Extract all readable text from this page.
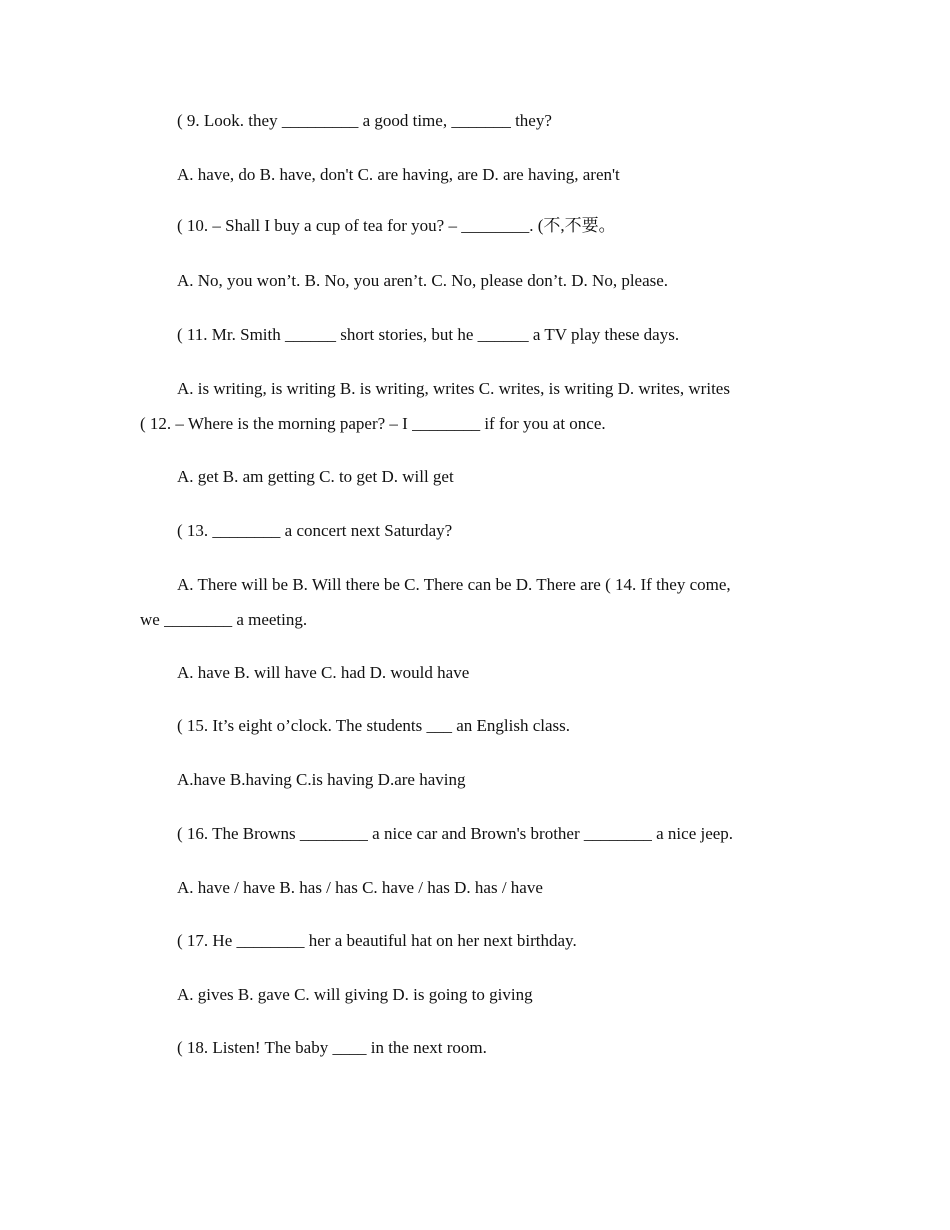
( 9. Look. they _________ a good time, _______ they?
A. have, do B. have, don't C. are having, are D. are having, aren't
( 10. – Shall I buy a cup of tea for you? – ________. (不,不要。
A. No, you won’t. B. No, you aren’t. C. No, please don’t. D. No, please.
( 11. Mr. Smith ______ short stories, but he ______ a TV play these days.
A. is writing, is writing B. is writing, writes C. writes, is writing D. writes, writes
( 12. – Where is the morning paper? – I ________ if for you at once.
A. get B. am getting C. to get D. will get
( 13. ________ a concert next Saturday?
A. There will be B. Will there be C. There can be D. There are ( 14. If they come,
we ________ a meeting.
A. have B. will have C. had D. would have
( 15. It’s eight o’clock. The students ___ an English class.
A.have B.having C.is having D.are having
( 16. The Browns ________ a nice car and Brown's brother ________ a nice jeep.
A. have / have B. has / has C. have / has D. has / have
( 17. He ________ her a beautiful hat on her next birthday.
A. gives B. gave C. will giving D. is going to giving
( 18. Listen! The baby ____ in the next room.
